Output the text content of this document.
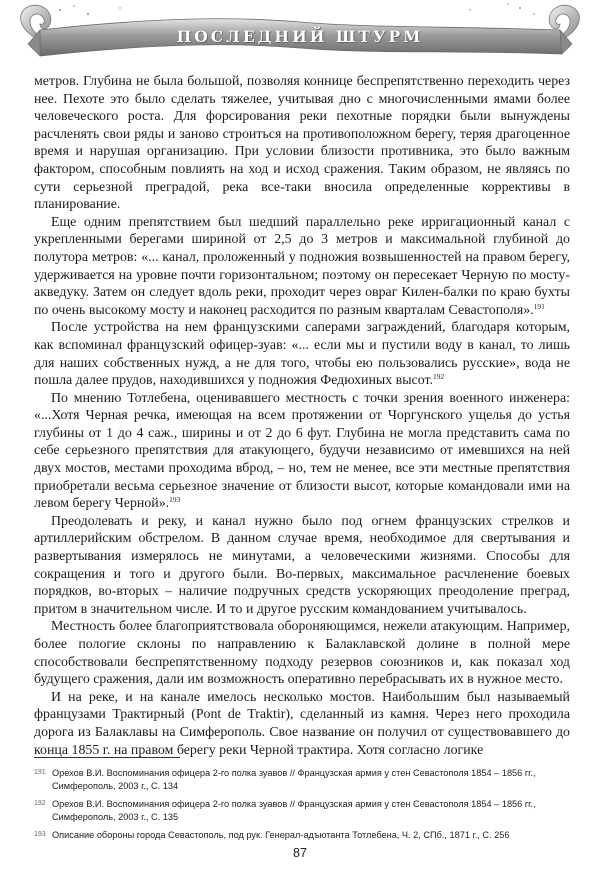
ПОСЛЕДНИЙ ШТУРМ

метров. Глубина не была большой, позволяя коннице беспрепятственно переходить через нее. Пехоте это было сделать тяжелее, учитывая дно с многочисленными ямами более человеческого роста. Для форсирования реки пехотные порядки были вынуждены расчленять свои ряды и заново строиться на противоположном берегу, теряя драгоценное время и нарушая организацию. При условии близости противника, это было важным фактором, способным повлиять на ход и исход сражения. Таким образом, не являясь по сути серьезной преградой, река все-таки вносила определенные коррективы в планирование.

Еще одним препятствием был шедший параллельно реке ирригационный канал с укрепленными берегами шириной от 2,5 до 3 метров и максимальной глубиной до полутора метров: «... канал, проложенный у подножия возвышенностей на правом берегу, удерживается на уровне почти горизонтальном; поэтому он пересекает Черную по мосту-акведуку. Затем он следует вдоль реки, проходит через овраг Килен-балки по краю бухты по очень высокому мосту и наконец расходится по разным кварталам Севастополя».$^{191}$

После устройства на нем французскими саперами заграждений, благодаря которым, как вспоминал французский офицер-зуав: «... если мы и пустили воду в канал, то лишь для наших собственных нужд, а не для того, чтобы ею пользовались русские», вода не пошла далее прудов, находившихся у подножия Федюхиных высот.$^{192}$

По мнению Тотлебена, оценивавшего местность с точки зрения военного инженера: «...Хотя Черная речка, имеющая на всем протяжении от Чоргунского ущелья до устья глубины от 1 до 4 саж., ширины и от 2 до 6 фут. Глубина не могла представить сама по себе серьезного препятствия для атакующего, будучи независимо от имевшихся на ней двух мостов, местами проходима вброд, – но, тем не менее, все эти местные препятствия приобретали весьма серьезное значение от близости высот, которые командовали ими на левом берегу Черной».$^{193}$

Преодолевать и реку, и канал нужно было под огнем французских стрелков и артиллерийским обстрелом. В данном случае время, необходимое для свертывания и развертывания измерялось не минутами, а человеческими жизнями. Способы для сокращения и того и другого были. Во-первых, максимальное расчленение боевых порядков, во-вторых – наличие подручных средств ускоряющих преодоление преград, притом в значительном числе. И то и другое русским командованием учитывалось.

Местность более благоприятствовала обороняющимся, нежели атакующим. Например, более пологие склоны по направлению к Балаклавской долине в полной мере способствовали беспрепятственному подходу резервов союзников и, как показал ход будущего сражения, дали им возможность оперативно перебрасывать их в нужное место.

И на реке, и на канале имелось несколько мостов. Наибольшим был называемый французами Трактирный (Pont de Traktir), сделанный из камня. Через него проходила дорога из Балаклавы на Симферополь. Свое название он получил от существовавшего до конца 1855 г. на правом берегу реки Черной трактира. Хотя согласно логике

191 Орехов В.И. Воспоминания офицера 2-го полка зуавов // Французская армия у стен Севастополя 1854 – 1856 гг., Симферополь, 2003 г., С. 134
192 Орехов В.И. Воспоминания офицера 2-го полка зуавов // Французская армия у стен Севастополя 1854 – 1856 гг., Симферополь, 2003 г., С. 135
193 Описание обороны города Севастополь, под рук. Генерал-адъютанта Тотлебена, Ч. 2, СПб., 1871 г., С. 256
87
